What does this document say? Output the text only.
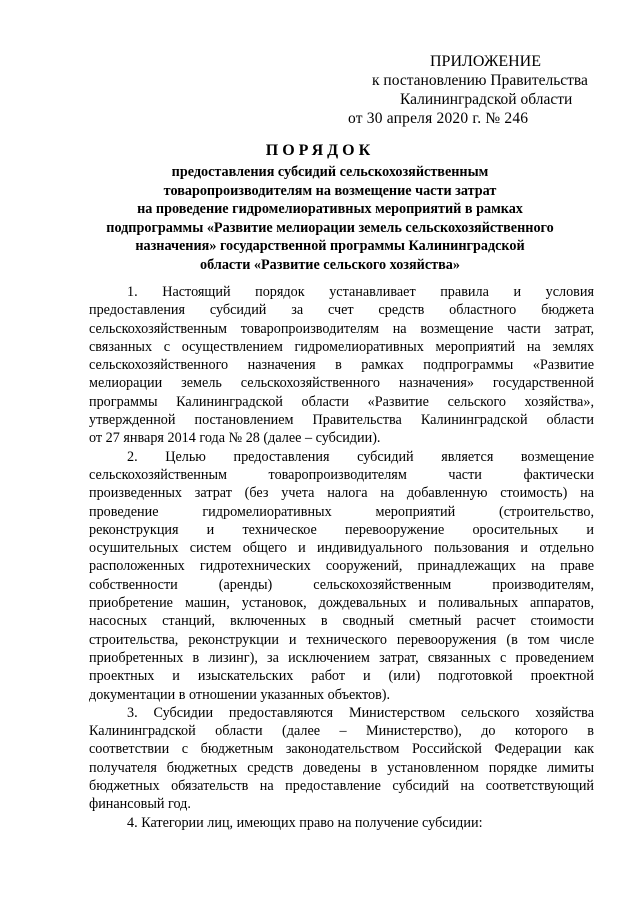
ПРИЛОЖЕНИЕ
к постановлению Правительства
Калининградской области
от 30 апреля 2020 г. № 246
ПОРЯДОК
предоставления субсидий сельскохозяйственным
товаропроизводителям на возмещение части затрат
на проведение гидромелиоративных мероприятий в рамках
подпрограммы «Развитие мелиорации земель сельскохозяйственного
назначения» государственной программы Калининградской
области «Развитие сельского хозяйства»

1. Настоящий порядок устанавливает правила и условия
предоставления субсидий за счет средств областного бюджета
сельскохозяйственным товаропроизводителям на возмещение части затрат,
связанных с осуществлением гидромелиоративных мероприятий на землях
сельскохозяйственного назначения в рамках подпрограммы «Развитие
мелиорации земель сельскохозяйственного назначения» государственной
программы Калининградской области «Развитие сельского хозяйства»,
утвержденной постановлением Правительства Калининградской области
от 27 января 2014 года № 28 (далее – субсидии).

2. Целью предоставления субсидий является возмещение
сельскохозяйственным товаропроизводителям части фактически
произведенных затрат (без учета налога на добавленную стоимость) на
проведение гидромелиоративных мероприятий (строительство,
реконструкция и техническое перевооружение оросительных и
осушительных систем общего и индивидуального пользования и отдельно
расположенных гидротехнических сооружений, принадлежащих на праве
собственности (аренды) сельскохозяйственным производителям,
приобретение машин, установок, дождевальных и поливальных аппаратов,
насосных станций, включенных в сводный сметный расчет стоимости
строительства, реконструкции и технического перевооружения (в том числе
приобретенных в лизинг), за исключением затрат, связанных с проведением
проектных и изыскательских работ и (или) подготовкой проектной
документации в отношении указанных объектов).

3. Субсидии предоставляются Министерством сельского хозяйства
Калининградской области (далее – Министерство), до которого в
соответствии с бюджетным законодательством Российской Федерации как
получателя бюджетных средств доведены в установленном порядке лимиты
бюджетных обязательств на предоставление субсидий на соответствующий
финансовый год.

4. Категории лиц, имеющих право на получение субсидии:
